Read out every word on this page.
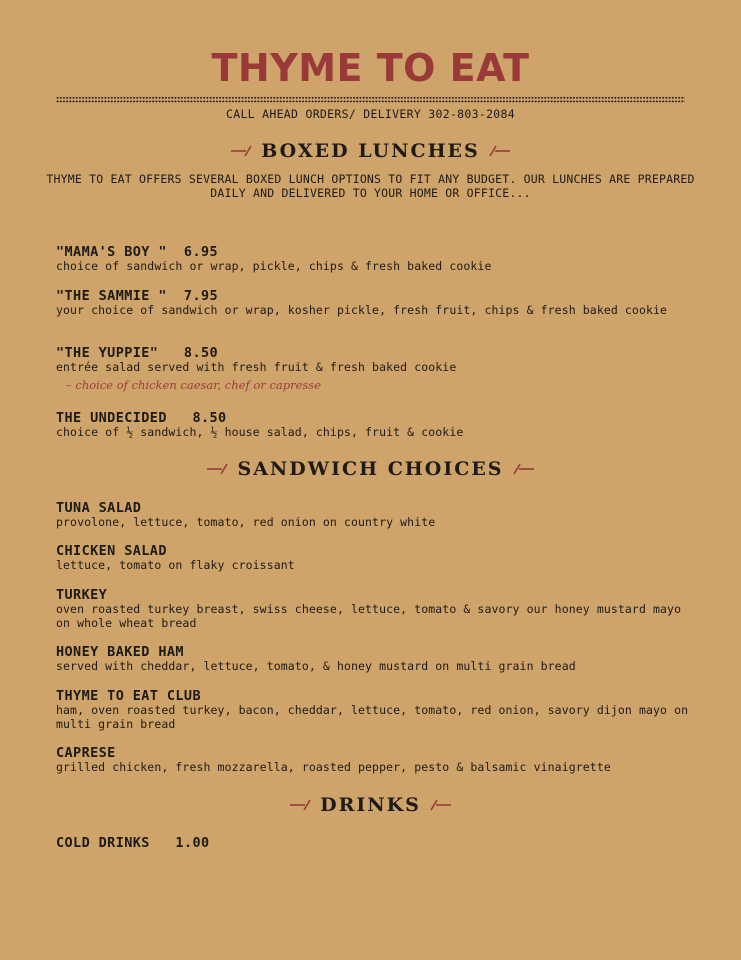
THYME TO EAT
CALL AHEAD ORDERS/ DELIVERY 302-803-2084
BOXED LUNCHES
THYME TO EAT OFFERS SEVERAL BOXED LUNCH OPTIONS TO FIT ANY BUDGET. OUR LUNCHES ARE PREPARED DAILY AND DELIVERED TO YOUR HOME OR OFFICE...
"MAMA'S BOY "  6.95
choice of sandwich or wrap, pickle, chips & fresh baked cookie
"THE SAMMIE "  7.95
your choice of sandwich or wrap, kosher pickle, fresh fruit, chips & fresh baked cookie
"THE YUPPIE"   8.50
entrée salad served with fresh fruit & fresh baked cookie
– choice of chicken caesar, chef or capresse
THE UNDECIDED   8.50
choice of ½ sandwich, ½ house salad, chips, fruit & cookie
SANDWICH CHOICES
TUNA SALAD
provolone, lettuce, tomato, red onion on country white
CHICKEN SALAD
lettuce, tomato on flaky croissant
TURKEY
oven roasted turkey breast, swiss cheese, lettuce, tomato & savory our honey mustard mayo on whole wheat bread
HONEY BAKED HAM
served with cheddar, lettuce, tomato, & honey mustard on multi grain bread
THYME TO EAT CLUB
ham, oven roasted turkey, bacon, cheddar, lettuce, tomato, red onion, savory dijon mayo on multi grain bread
CAPRESE
grilled chicken, fresh mozzarella, roasted pepper, pesto & balsamic vinaigrette
DRINKS
COLD DRINKS   1.00
